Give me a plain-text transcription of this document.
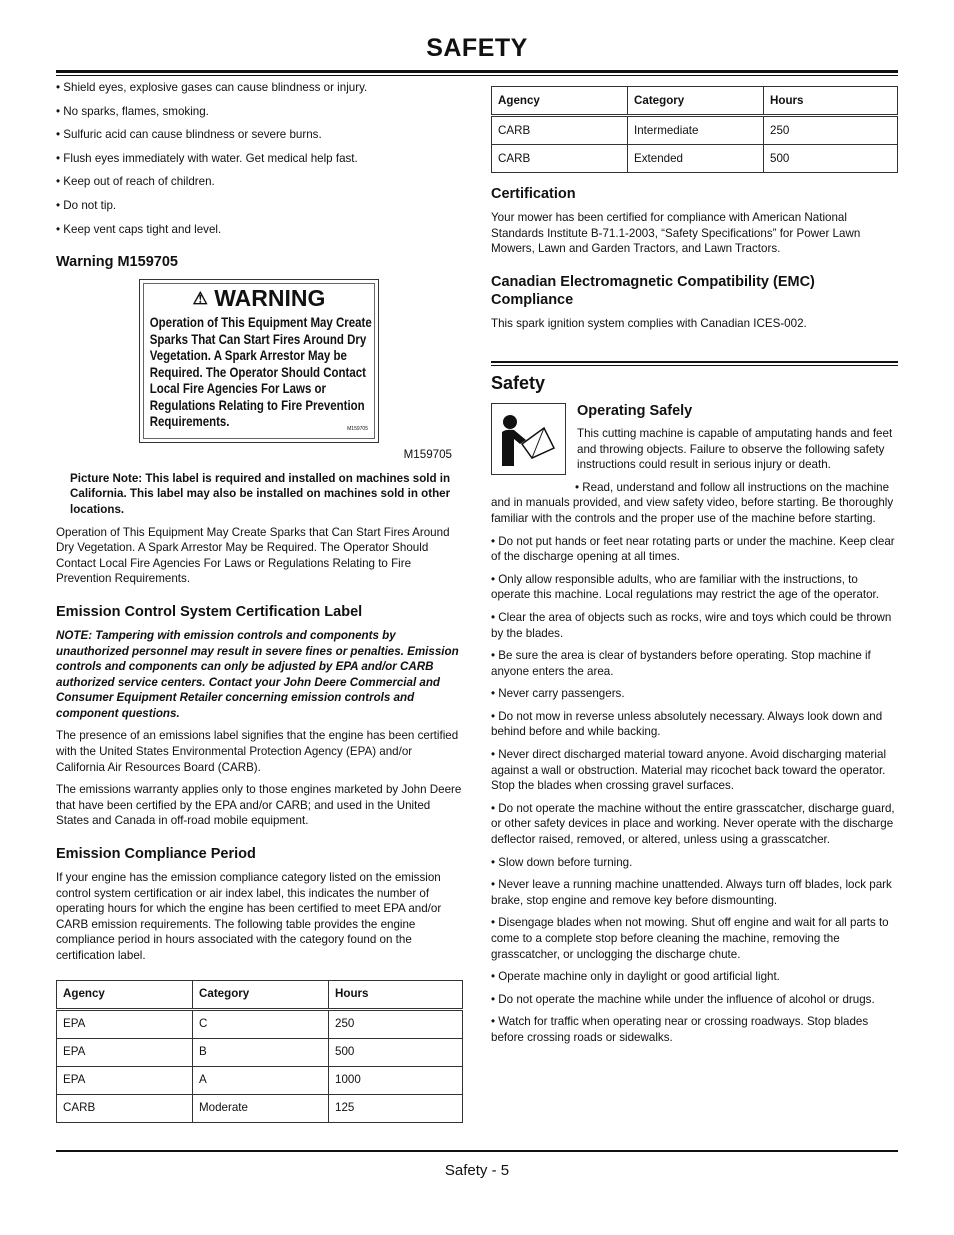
SAFETY

• Shield eyes, explosive gases can cause blindness or injury.

• No sparks, flames, smoking.

• Sulfuric acid can cause blindness or severe burns.

• Flush eyes immediately with water. Get medical help fast.

• Keep out of reach of children.

• Do not tip.

• Keep vent caps tight and level.

Warning M159705
⚠ WARNING
Operation of This Equipment May Create Sparks That Can Start Fires Around Dry Vegetation. A Spark Arrestor May be Required. The Operator Should Contact Local Fire Agencies For Laws or Regulations Relating to Fire Prevention Requirements.	M159705
M159705

Picture Note: This label is required and installed on machines sold in California. This label may also be installed on machines sold in other locations.

Operation of This Equipment May Create Sparks that Can Start Fires Around Dry Vegetation. A Spark Arrestor May be Required. The Operator Should Contact Local Fire Agencies For Laws or Regulations Relating to Fire Prevention Requirements.

Emission Control System Certification Label

NOTE: Tampering with emission controls and components by unauthorized personnel may result in severe fines or penalties. Emission controls and components can only be adjusted by EPA and/or CARB authorized service centers. Contact your John Deere Commercial and Consumer Equipment Retailer concerning emission controls and component questions.

The presence of an emissions label signifies that the engine has been certified with the United States Environmental Protection Agency (EPA) and/or California Air Resources Board (CARB).

The emissions warranty applies only to those engines marketed by John Deere that have been certified by the EPA and/or CARB; and used in the United States and Canada in off-road mobile equipment.

Emission Compliance Period

If your engine has the emission compliance category listed on the emission control system certification or air index label, this indicates the number of operating hours for which the engine has been certified to meet EPA and/or CARB emission requirements. The following table provides the engine compliance period in hours associated with the category found on the certification label.

Agency	Category	Hours
EPA	C	250
EPA	B	500
EPA	A	1000
CARB	Moderate	125
Agency	Category	Hours
CARB	Intermediate	250
CARB	Extended	500
Certification

Your mower has been certified for compliance with American National Standards Institute B-71.1-2003, “Safety Specifications” for Power Lawn Mowers, Lawn and Garden Tractors, and Lawn Tractors.

Canadian Electromagnetic Compatibility (EMC) Compliance

This spark ignition system complies with Canadian ICES-002.

Safety
Operating Safely

This cutting machine is capable of amputating hands and feet and throwing objects. Failure to observe the following safety instructions could result in serious injury or death.

• Read, understand and follow all instructions on the machine and in manuals provided, and view safety video, before starting. Be thoroughly familiar with the controls and the proper use of the machine before starting.

• Do not put hands or feet near rotating parts or under the machine. Keep clear of the discharge opening at all times.

• Only allow responsible adults, who are familiar with the instructions, to operate this machine. Local regulations may restrict the age of the operator.

• Clear the area of objects such as rocks, wire and toys which could be thrown by the blades.

• Be sure the area is clear of bystanders before operating. Stop machine if anyone enters the area.

• Never carry passengers.

• Do not mow in reverse unless absolutely necessary. Always look down and behind before and while backing.

• Never direct discharged material toward anyone. Avoid discharging material against a wall or obstruction. Material may ricochet back toward the operator. Stop the blades when crossing gravel surfaces.

• Do not operate the machine without the entire grasscatcher, discharge guard, or other safety devices in place and working. Never operate with the discharge deflector raised, removed, or altered, unless using a grasscatcher.

• Slow down before turning.

• Never leave a running machine unattended. Always turn off blades, lock park brake, stop engine and remove key before dismounting.

• Disengage blades when not mowing. Shut off engine and wait for all parts to come to a complete stop before cleaning the machine, removing the grasscatcher, or unclogging the discharge chute.

• Operate machine only in daylight or good artificial light.

• Do not operate the machine while under the influence of alcohol or drugs.

• Watch for traffic when operating near or crossing roadways. Stop blades before crossing roads or sidewalks.

Safety - 5
